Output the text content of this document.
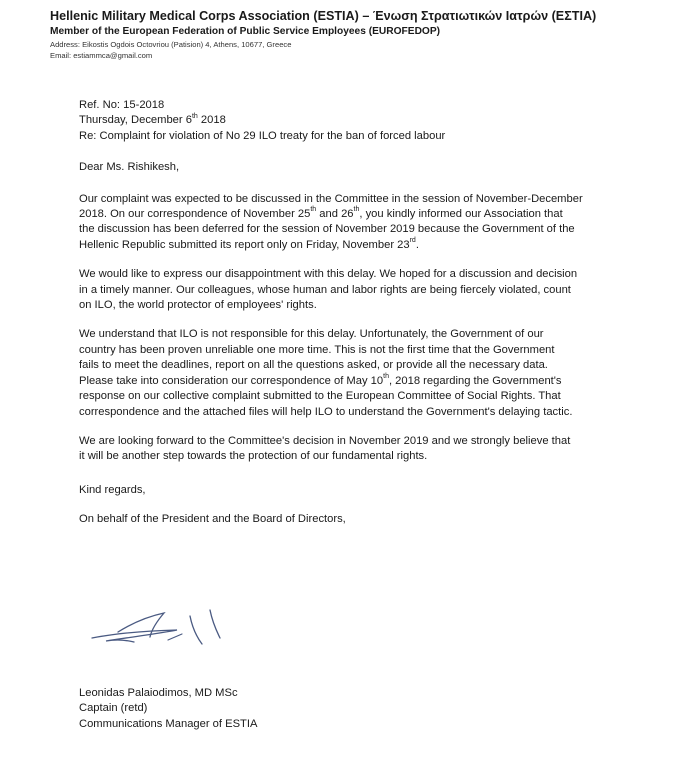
Hellenic Military Medical Corps Association (ESTIA) – Ένωση Στρατιωτικών Ιατρών (ΕΣΤΙΑ)
Member of the European Federation of Public Service Employees (EUROFEDOP)
Address: Eikostis Ogdois Octovriou (Patision) 4, Athens, 10677, Greece
Email: estiammca@gmail.com
Ref. No: 15-2018
Thursday, December 6th 2018
Re: Complaint for violation of No 29 ILO treaty for the ban of forced labour
Dear Ms. Rishikesh,

Our complaint was expected to be discussed in the Committee in the session of November-December
2018. On our correspondence of November 25th and 26th, you kindly informed our Association that
the discussion has been deferred for the session of November 2019 because the Government of the
Hellenic Republic submitted its report only on Friday, November 23rd.

We would like to express our disappointment with this delay. We hoped for a discussion and decision
in a timely manner. Our colleagues, whose human and labor rights are being fiercely violated, count
on ILO, the world protector of employees' rights.

We understand that ILO is not responsible for this delay. Unfortunately, the Government of our
country has been proven unreliable one more time. This is not the first time that the Government
fails to meet the deadlines, report on all the questions asked, or provide all the necessary data.
Please take into consideration our correspondence of May 10th, 2018 regarding the Government's
response on our collective complaint submitted to the European Committee of Social Rights. That
correspondence and the attached files will help ILO to understand the Government's delaying tactic.

We are looking forward to the Committee's decision in November 2019 and we strongly believe that
it will be another step towards the protection of our fundamental rights.

Kind regards,
On behalf of the President and the Board of Directors,
Leonidas Palaiodimos, MD MSc
Captain (retd)
Communications Manager of ESTIA
